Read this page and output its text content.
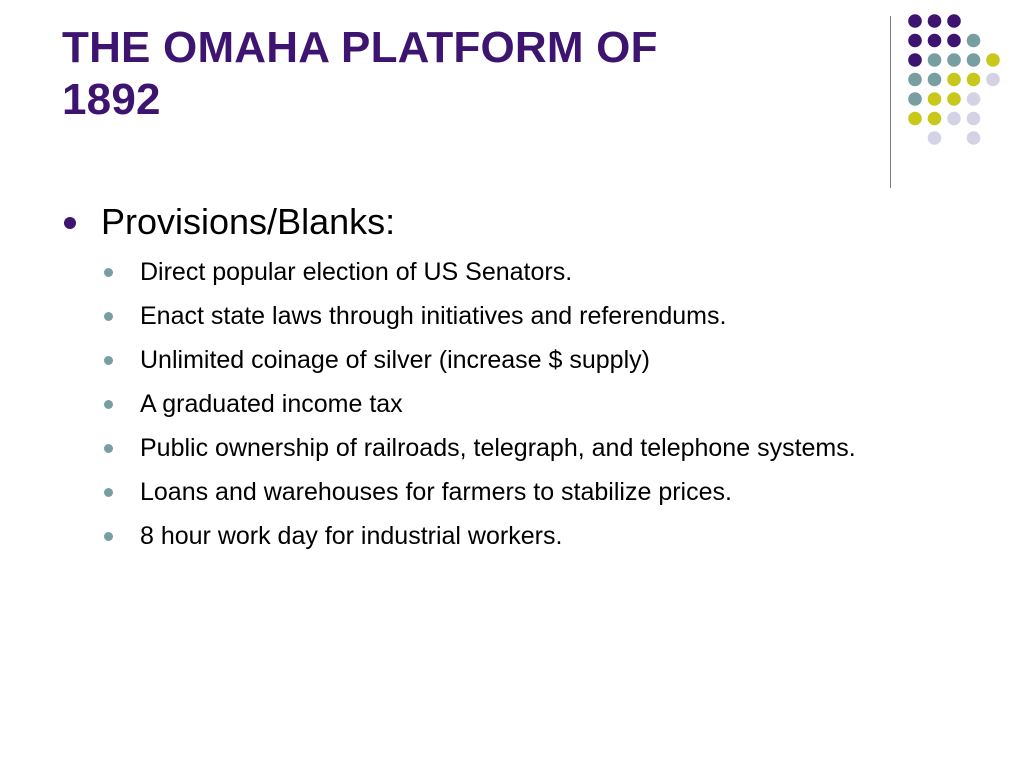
THE OMAHA PLATFORM OF
1892
Provisions/Blanks:
Direct popular election of US Senators.
Enact state laws through initiatives and referendums.
Unlimited coinage of silver (increase $ supply)
A graduated income tax
Public ownership of railroads, telegraph, and telephone systems.
Loans and warehouses for farmers to stabilize prices.
8 hour work day for industrial workers.
